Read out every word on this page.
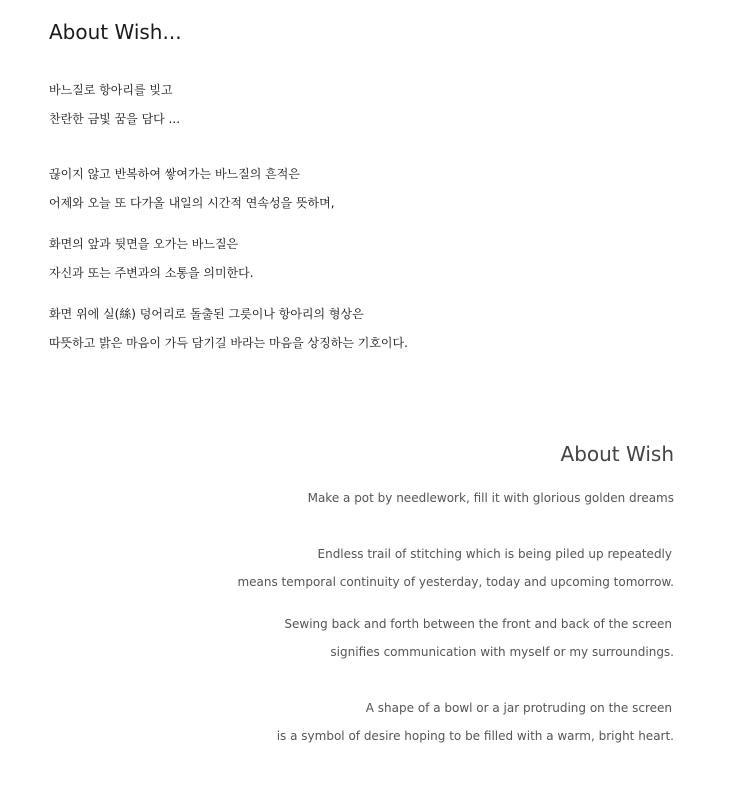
About Wish...
바느질로 항아리를 빚고
찬란한 금빛 꿈을 담다 ...
끊이지 않고 반복하여 쌓여가는 바느질의 흔적은
어제와 오늘 또 다가올 내일의 시간적 연속성을 뜻하며,
화면의 앞과 뒷면을 오가는 바느질은
자신과 또는 주변과의 소통을 의미한다.
화면 위에 실(絲) 덩어리로 돌출된 그릇이나 항아리의 형상은
따뜻하고 밝은 마음이 가득 담기길 바라는 마음을 상징하는 기호이다.
About Wish
Make a pot by needlework, fill it with glorious golden dreams
Endless trail of stitching which is being piled up repeatedly
means temporal continuity of yesterday, today and upcoming tomorrow.
Sewing back and forth between the front and back of the screen
signifies communication with myself or my surroundings.
A shape of a bowl or a jar protruding on the screen
is a symbol of desire hoping to be filled with a warm, bright heart.
